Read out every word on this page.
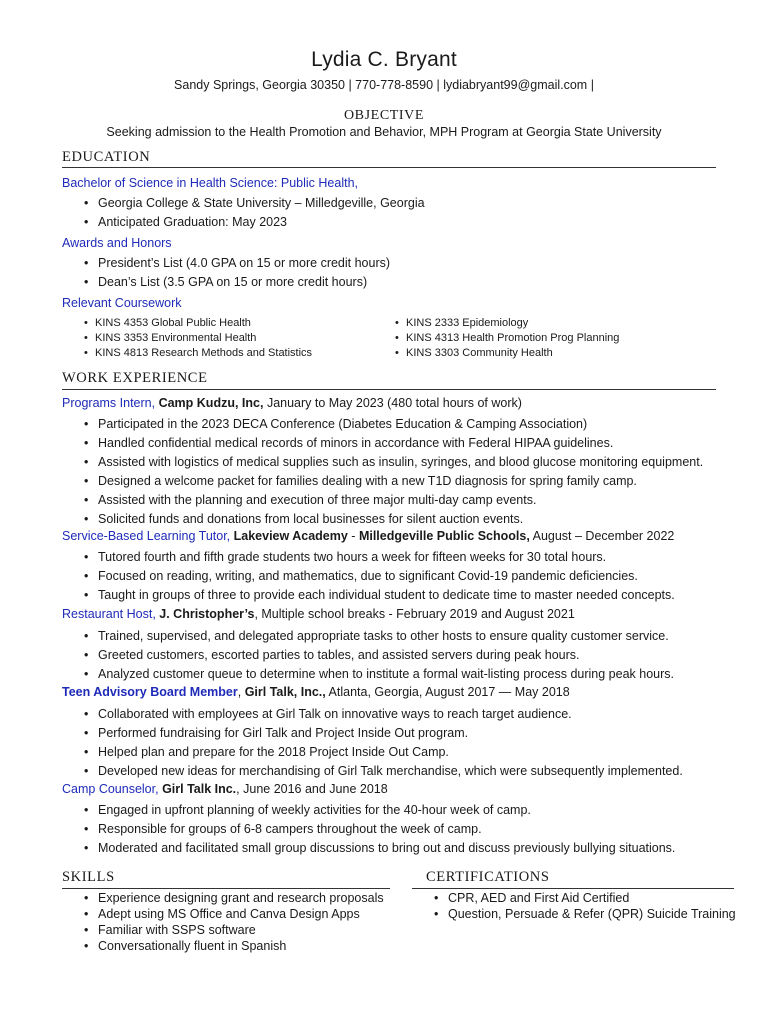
Lydia C. Bryant
Sandy Springs, Georgia 30350 | 770-778-8590 | lydiabryant99@gmail.com |
OBJECTIVE
Seeking admission to the Health Promotion and Behavior, MPH Program at Georgia State University
EDUCATION
Bachelor of Science in Health Science: Public Health,
• Georgia College & State University – Milledgeville, Georgia
• Anticipated Graduation: May 2023
Awards and Honors
• President’s List (4.0 GPA on 15 or more credit hours)
• Dean’s List (3.5 GPA on 15 or more credit hours)
Relevant Coursework
• KINS 4353 Global Public Health
• KINS 3353 Environmental Health
• KINS 4813 Research Methods and Statistics
• KINS 2333 Epidemiology
• KINS 4313 Health Promotion Prog Planning
• KINS 3303 Community Health
WORK EXPERIENCE
Programs Intern, Camp Kudzu, Inc, January to May 2023 (480 total hours of work)
• Participated in the 2023 DECA Conference (Diabetes Education & Camping Association)
• Handled confidential medical records of minors in accordance with Federal HIPAA guidelines.
• Assisted with logistics of medical supplies such as insulin, syringes, and blood glucose monitoring equipment.
• Designed a welcome packet for families dealing with a new T1D diagnosis for spring family camp.
• Assisted with the planning and execution of three major multi-day camp events.
• Solicited funds and donations from local businesses for silent auction events.
Service-Based Learning Tutor, Lakeview Academy - Milledgeville Public Schools, August – December 2022
• Tutored fourth and fifth grade students two hours a week for fifteen weeks for 30 total hours.
• Focused on reading, writing, and mathematics, due to significant Covid-19 pandemic deficiencies.
• Taught in groups of three to provide each individual student to dedicate time to master needed concepts.
Restaurant Host, J. Christopher’s, Multiple school breaks - February 2019 and August 2021
• Trained, supervised, and delegated appropriate tasks to other hosts to ensure quality customer service.
• Greeted customers, escorted parties to tables, and assisted servers during peak hours.
• Analyzed customer queue to determine when to institute a formal wait-listing process during peak hours.
Teen Advisory Board Member, Girl Talk, Inc., Atlanta, Georgia, August 2017 — May 2018
• Collaborated with employees at Girl Talk on innovative ways to reach target audience.
• Performed fundraising for Girl Talk and Project Inside Out program.
• Helped plan and prepare for the 2018 Project Inside Out Camp.
• Developed new ideas for merchandising of Girl Talk merchandise, which were subsequently implemented.
Camp Counselor, Girl Talk Inc., June 2016 and June 2018
• Engaged in upfront planning of weekly activities for the 40-hour week of camp.
• Responsible for groups of 6-8 campers throughout the week of camp.
• Moderated and facilitated small group discussions to bring out and discuss previously bullying situations.
SKILLS
• Experience designing grant and research proposals
• Adept using MS Office and Canva Design Apps
• Familiar with SSPS software
• Conversationally fluent in Spanish
CERTIFICATIONS
• CPR, AED and First Aid Certified
• Question, Persuade & Refer (QPR) Suicide Training
